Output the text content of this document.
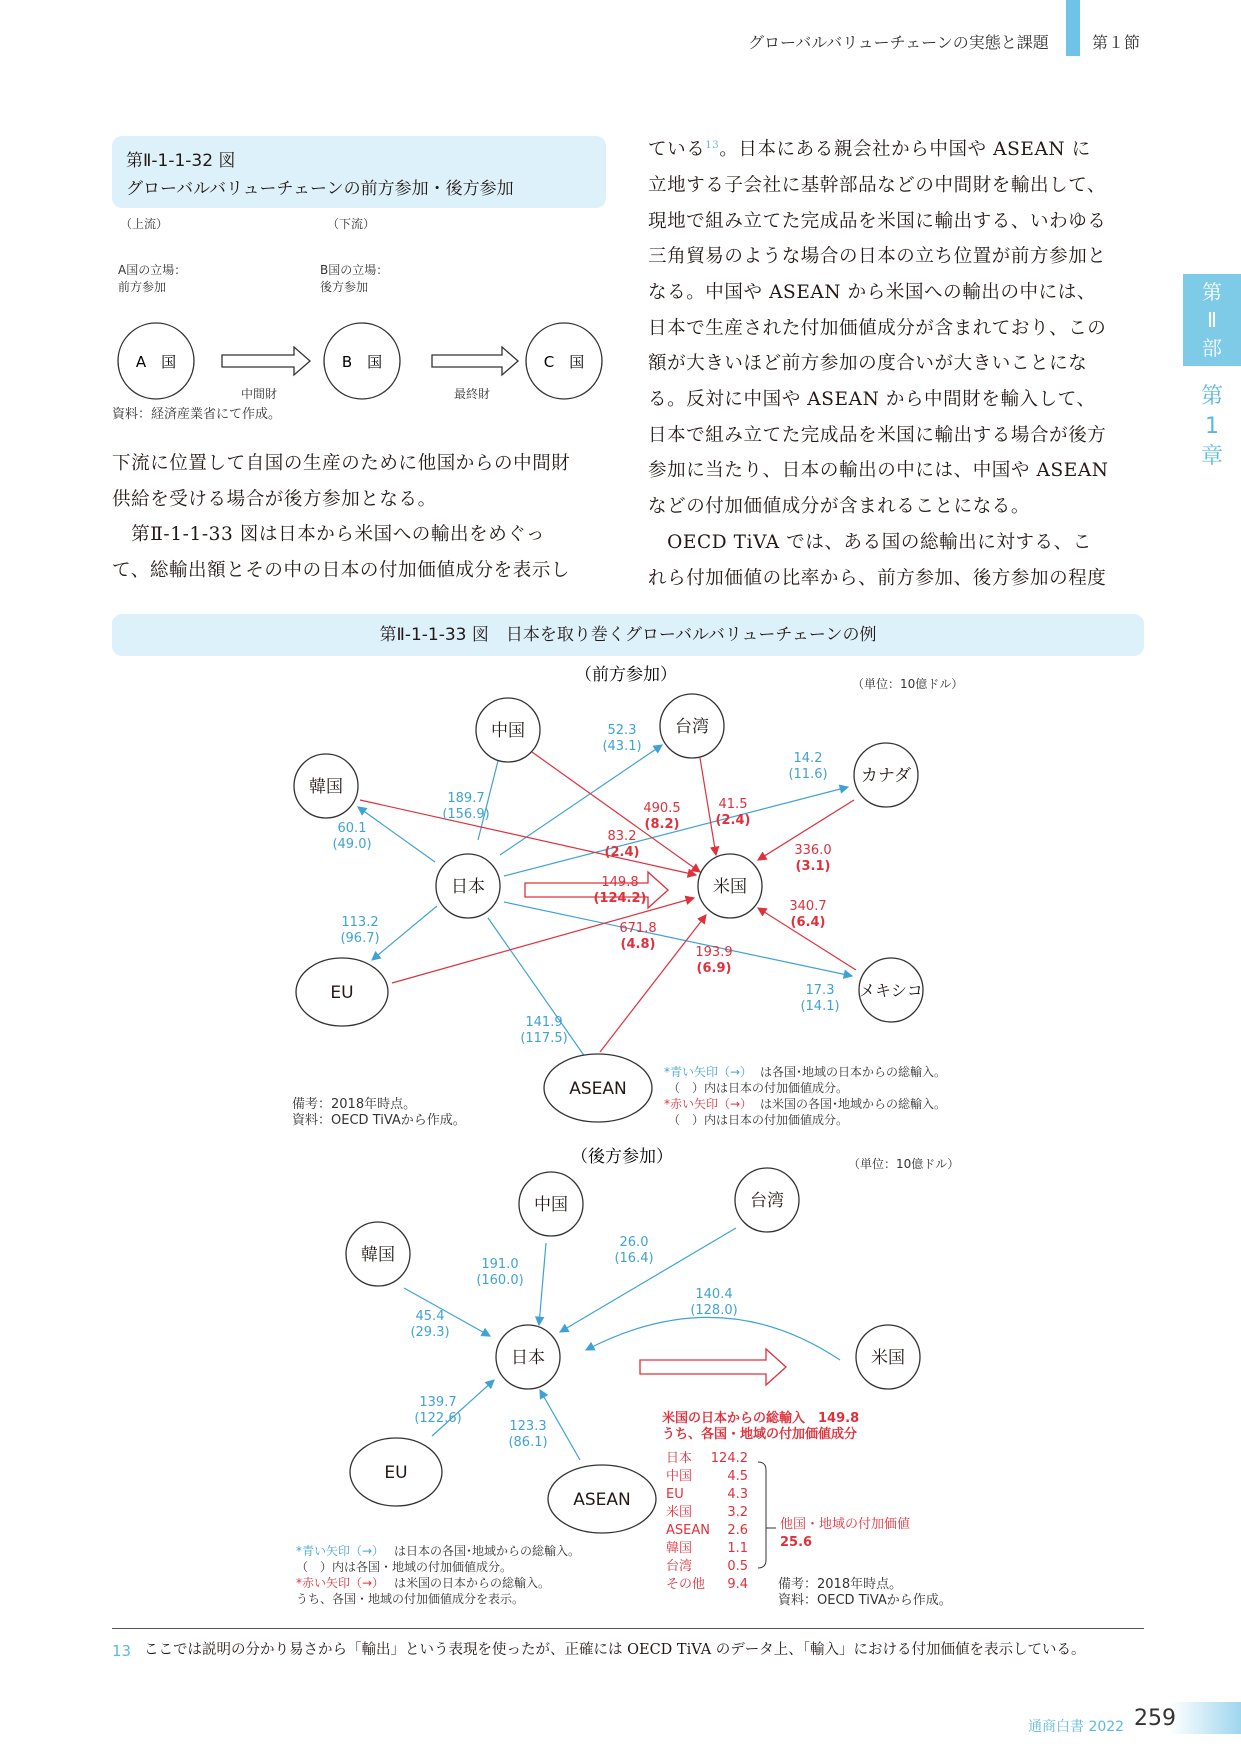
グローバルバリューチェーンの実態と課題	第１節
第
Ⅱ
部
第
1
章
第Ⅱ-1-1-32 図
グローバルバリューチェーンの前方参加・後方参加
（上流）	（下流）
A国の立場：
前方参加
B国の立場：
後方参加
A　国	B　国	C　国
中間財	最終財
資料：経済産業省にて作成。
下流に位置して自国の生産のために他国からの中間財
供給を受ける場合が後方参加となる。
　第Ⅱ-1-1-33 図は日本から米国への輸出をめぐっ
て、総輸出額とその中の日本の付加価値成分を表示し
ている$^{13}$。日本にある親会社から中国や ASEAN に
立地する子会社に基幹部品などの中間財を輸出して、
現地で組み立てた完成品を米国に輸出する、いわゆる
三角貿易のような場合の日本の立ち位置が前方参加と
なる。中国や ASEAN から米国への輸出の中には、
日本で生産された付加価値成分が含まれており、この
額が大きいほど前方参加の度合いが大きいことにな
る。反対に中国や ASEAN から中間財を輸入して、
日本で組み立てた完成品を米国に輸出する場合が後方
参加に当たり、日本の輸出の中には、中国や ASEAN
などの付加価値成分が含まれることになる。
　OECD TiVA では、ある国の総輸出に対する、こ
れら付加価値の比率から、前方参加、後方参加の程度
第Ⅱ-1-1-33 図　日本を取り巻くグローバルバリューチェーンの例
（前方参加）	（単位：10億ドル）
中国	台湾
韓国
カナダ
日本	米国
EU	メキシコ
ASEAN
52.3
(43.1)
189.7
(156.9)
14.2
(11.6)
60.1
(49.0)
113.2
(96.7)
17.3
(14.1)
141.9
(117.5)
490.5
(8.2)
41.5
(2.4)
83.2
(2.4)	336.0
(3.1)
149.8
(124.2)
340.7
(6.4)
671.8
(4.8)
193.9
(6.9)
*青い矢印（→） は各国･地域の日本からの総輸入。
（　）内は日本の付加価値成分。
*赤い矢印（→） は米国の各国･地域からの総輸入。
（　）内は日本の付加価値成分。
備考：2018年時点。
資料：OECD TiVAから作成。
（後方参加）	（単位：10億ドル）
中国	台湾
韓国
日本	米国
EU
ASEAN
191.0
(160.0)
26.0
(16.4)
45.4
(29.3)
140.4
(128.0)
139.7
(122.6)
123.3
(86.1)
米国の日本からの総輸入　149.8
うち、各国・地域の付加価値成分
日本 124.2
中国	4.5
EU	4.3
米国	3.2
ASEAN 2.6
韓国	1.1
台湾	0.5
その他 9.4
他国・地域の付加価値
25.6
*青い矢印（→） は日本の各国･地域からの総輸入。
（　）内は各国・地域の付加価値成分。
*赤い矢印（→） は米国の日本からの総輸入。
うち、各国・地域の付加価値成分を表示。
備考：2018年時点。
資料：OECD TiVAから作成。
13 ここでは説明の分かり易さから「輸出」という表現を使ったが、正確には OECD TiVA のデータ上、「輸入」における付加価値を表示している。
通商白書 2022 259
